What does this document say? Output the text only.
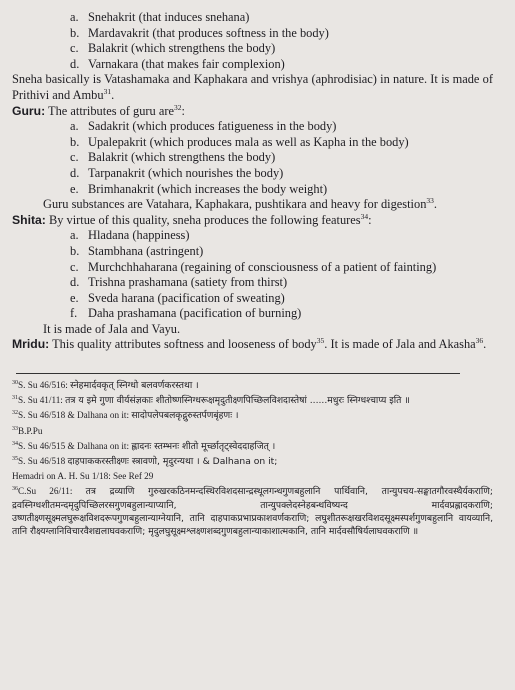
a. Snehakrit (that induces snehana)
b. Mardavakrit (that produces softness in the body)
c. Balakrit (which strengthens the body)
d. Varnakara (that makes fair complexion)

Sneha basically is Vatashamaka and Kaphakara and vrishya (aphrodisiac) in nature. It is made of Prithivi and Ambu$^{31}$.

Guru: The attributes of guru are$^{32}$:

a. Sadakrit (which produces fatigueness in the body)
b. Upalepakrit (which produces mala as well as Kapha in the body)
c. Balakrit (which strengthens the body)
d. Tarpanakrit (which nourishes the body)
e. Brimhanakrit (which increases the body weight)

Guru substances are Vatahara, Kaphakara, pushtikara and heavy for digestion$^{33}$.

Shita: By virtue of this quality, sneha produces the following features$^{34}$:

a. Hladana (happiness)
b. Stambhana (astringent)
c. Murchchhaharana (regaining of consciousness of a patient of fainting)
d. Trishna prashamana (satiety from thirst)
e. Sveda harana (pacification of sweating)
f. Daha prashamana (pacification of burning)

It is made of Jala and Vayu.

Mridu: This quality attributes softness and looseness of body$^{35}$. It is made of Jala and Akasha$^{36}$.

$^{30}$S. Su 46/516: स्नेहमार्दवकृत् स्निग्धो बलवर्णकरस्तथा ।

$^{31}$S. Su 41/11: तत्र य इमे गुणा वीर्यसंज्ञकाः शीतोष्णस्निग्धरूक्षमृदुतीक्ष्णपिच्छिलविशदास्तेषां ......मधुरः स्निग्धश्चाप्य इति ॥

$^{32}$S. Su 46/518 & Dalhana on it: सादोपलेपबलकृद्गुरुस्तर्पणबृंहणः ।

$^{33}$B.P.Pu

$^{34}$S. Su 46/515 & Dalhana on it: ह्लादनः स्तम्भनः शीतो मूर्च्छातृट्स्वेददाहजित् ।

$^{35}$S. Su 46/518 दाहपाककरस्तीक्ष्णः स्त्रावणो, मृदुरन्यथा । & Dalhana on it;

Hemadri on A. H. Su 1/18: See Ref 29

$^{36}$C.Su 26/11: तत्र द्रव्याणि गुरुखरकठिनमन्दस्थिरविशदसान्द्रस्थूलगन्धगुणबहुलानि पार्थिवानि, तान्युपचय-सङ्घातगौरवस्थैर्यकराणि; द्रवस्निग्धशीतमन्दमृदुपिच्छिलरसगुणबहुलान्याप्यानि, तान्युपक्लेदस्नेहबन्धविष्यन्द मार्दवप्रह्लादकराणि; उष्णतीक्ष्णसूक्ष्मलघुरूक्षविशदरूपगुणबहुलान्याग्नेयानि, तानि दाहपाकप्रभाप्रकाशवर्णकराणि; लघुशीतरूक्षखरविशदसूक्ष्मस्पर्शगुणबहुलानि वायव्यानि, तानि रौक्ष्यग्लानिविचारवैशद्यलाघवकराणि; मृदुलघुसूक्ष्मश्लक्ष्णशब्दगुणबहुलान्याकाशात्मकानि, तानि मार्दवसौषिर्यलाघवकराणि ॥
